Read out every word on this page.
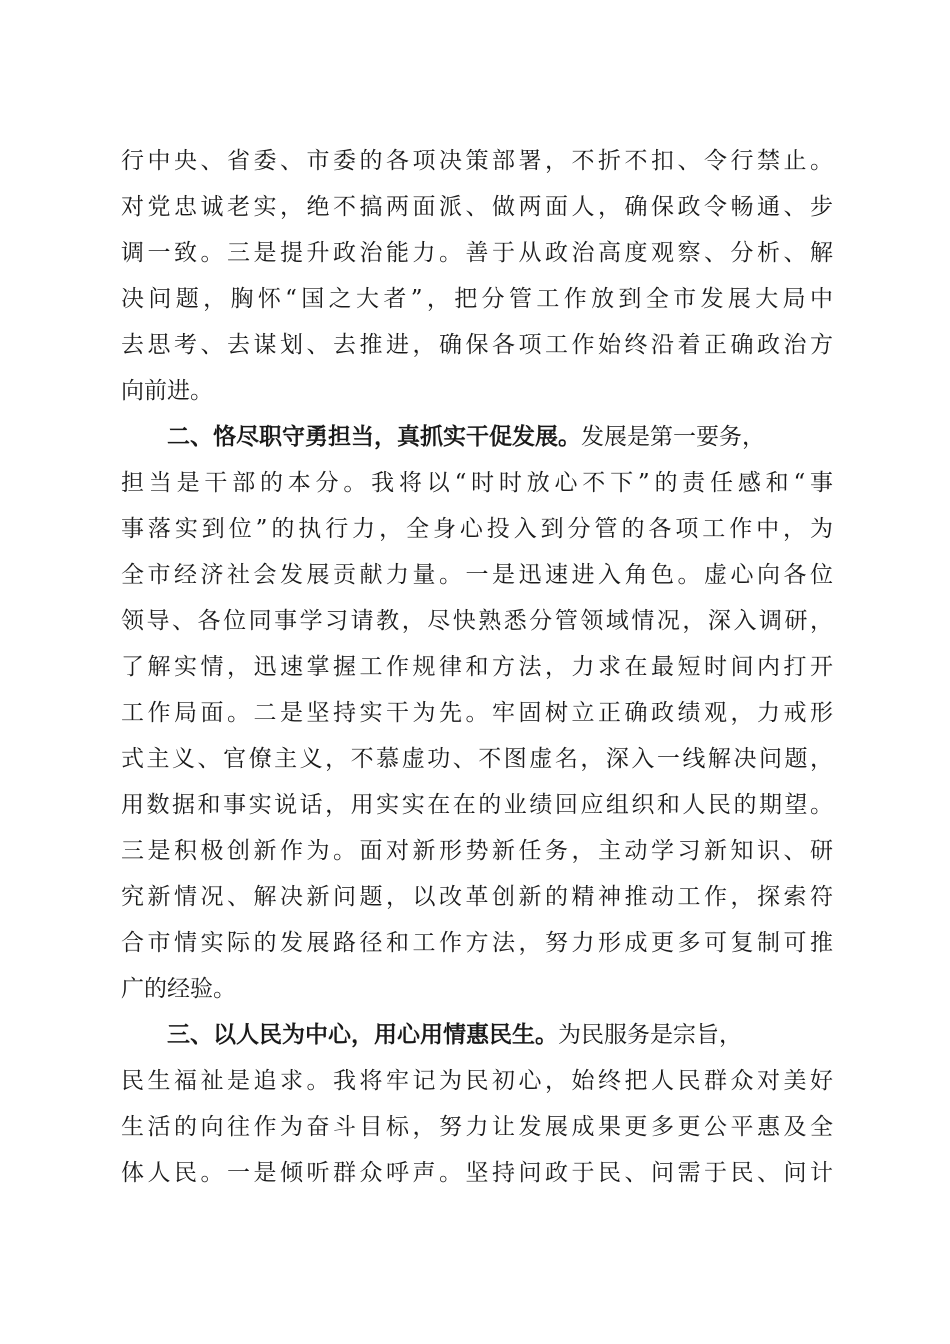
行中央、省委、市委的各项决策部署，不折不扣、令行禁止。
对党忠诚老实，绝不搞两面派、做两面人，确保政令畅通、步
调一致。三是提升政治能力。善于从政治高度观察、分析、解
决问题，胸怀“国之大者”，把分管工作放到全市发展大局中
去思考、去谋划、去推进，确保各项工作始终沿着正确政治方
向前进。
二、恪尽职守勇担当，真抓实干促发展。发展是第一要务，
担当是干部的本分。我将以“时时放心不下”的责任感和“事
事落实到位”的执行力，全身心投入到分管的各项工作中，为
全市经济社会发展贡献力量。一是迅速进入角色。虚心向各位
领导、各位同事学习请教，尽快熟悉分管领域情况，深入调研，
了解实情，迅速掌握工作规律和方法，力求在最短时间内打开
工作局面。二是坚持实干为先。牢固树立正确政绩观，力戒形
式主义、官僚主义，不慕虚功、不图虚名，深入一线解决问题，
用数据和事实说话，用实实在在的业绩回应组织和人民的期望。
三是积极创新作为。面对新形势新任务，主动学习新知识、研
究新情况、解决新问题，以改革创新的精神推动工作，探索符
合市情实际的发展路径和工作方法，努力形成更多可复制可推
广的经验。
三、以人民为中心，用心用情惠民生。为民服务是宗旨，
民生福祉是追求。我将牢记为民初心，始终把人民群众对美好
生活的向往作为奋斗目标，努力让发展成果更多更公平惠及全
体人民。一是倾听群众呼声。坚持问政于民、问需于民、问计
